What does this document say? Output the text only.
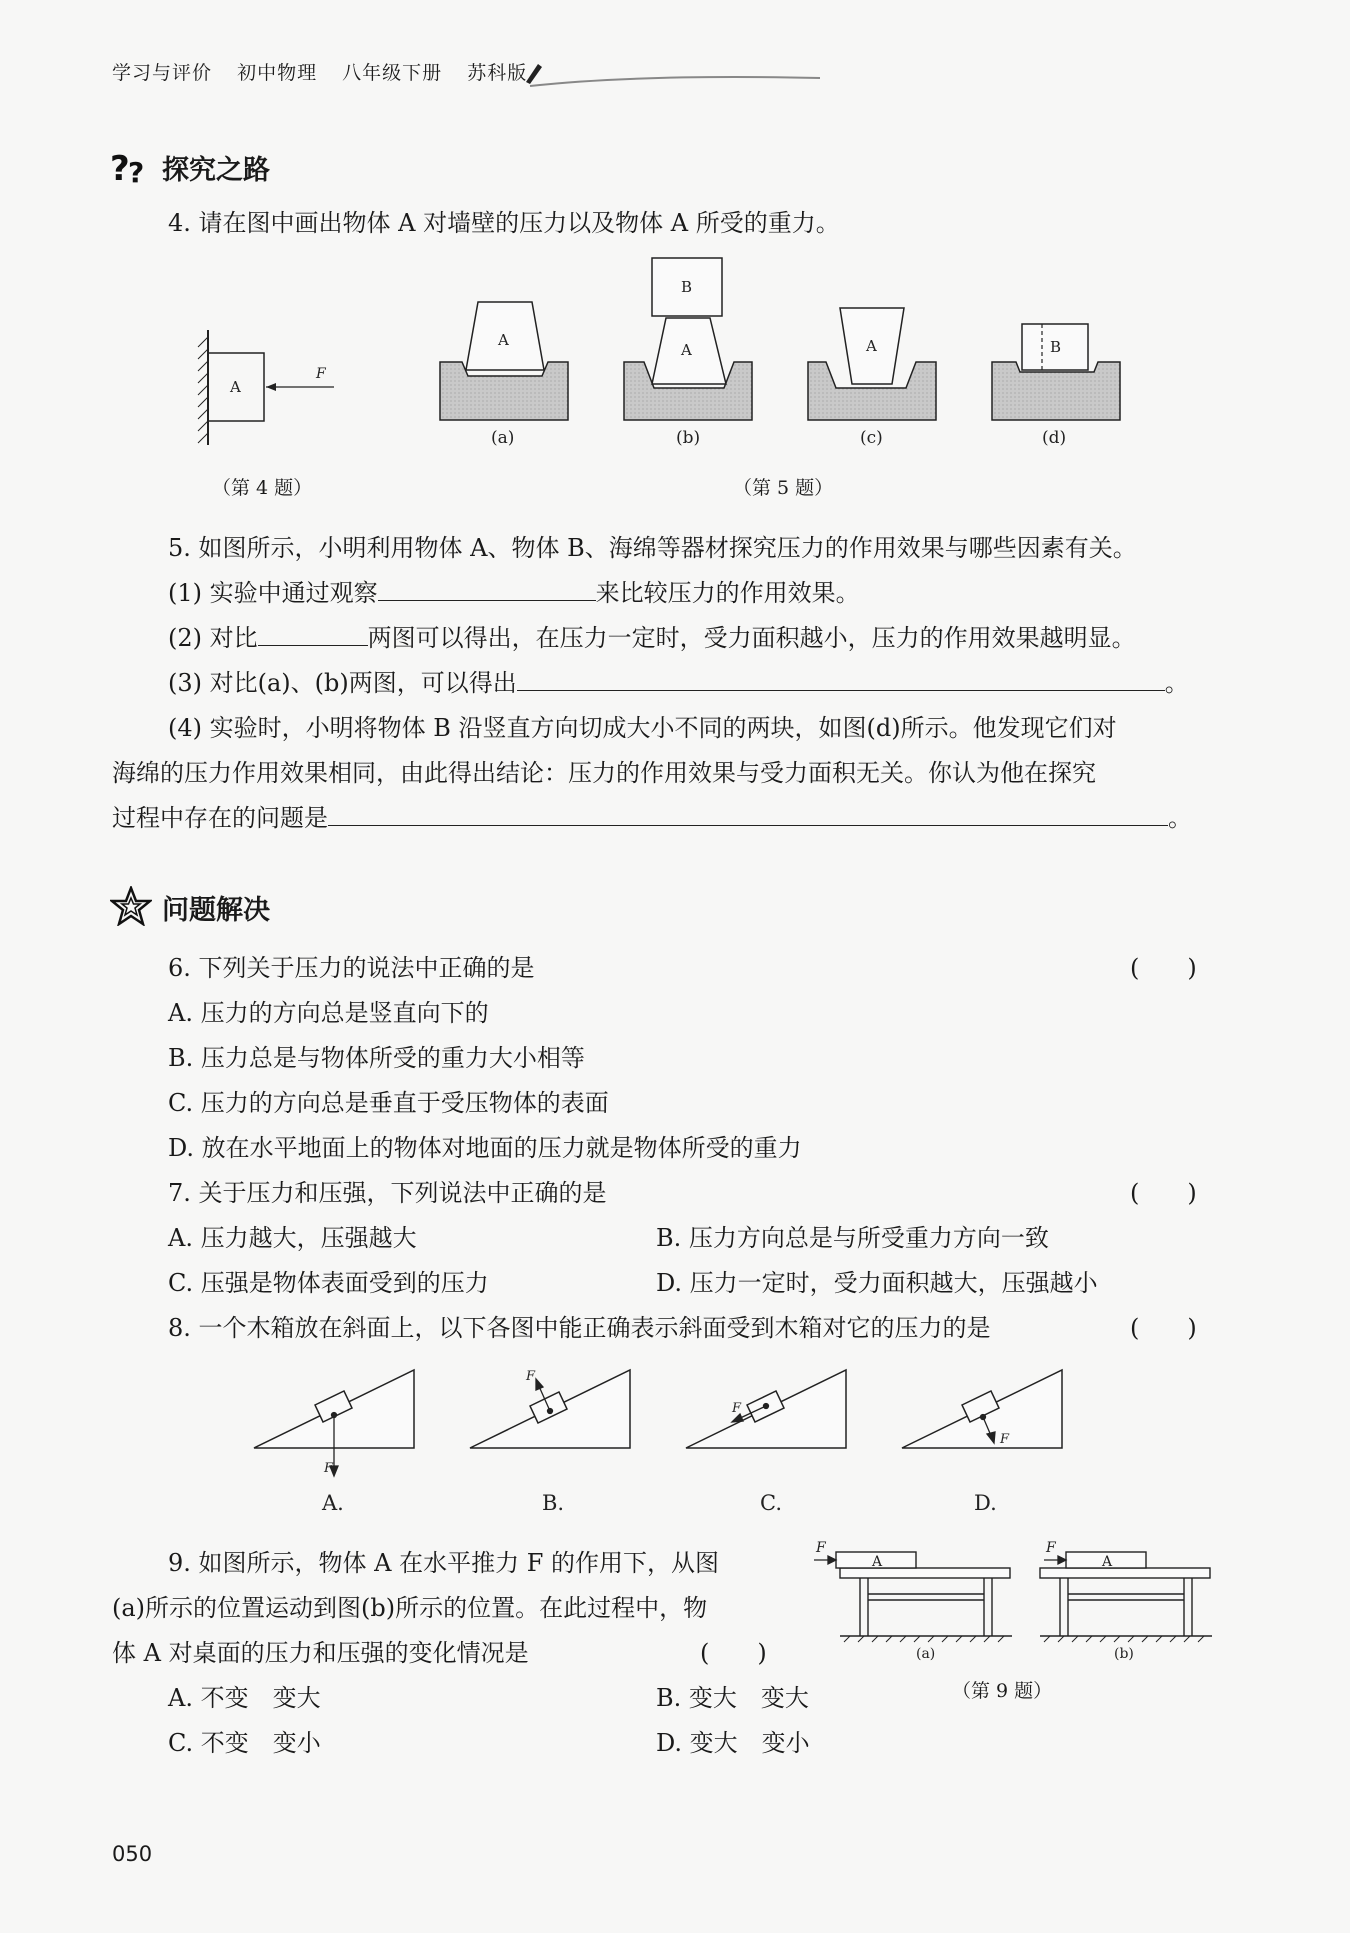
学习与评价 初中物理 八年级下册 苏科版
?
? 探究之路
4. 请在图中画出物体 A 对墙壁的压力以及物体 A 所受的重力。
A
F
（第 4 题）
A
A
B
A	B
(a)	(b)	(c)	(d)
（第 5 题）
5. 如图所示，小明利用物体 A、物体 B、海绵等器材探究压力的作用效果与哪些因素有关。
(1) 实验中通过观察	来比较压力的作用效果。
(2) 对比	两图可以得出，在压力一定时，受力面积越小，压力的作用效果越明显。
(3) 对比(a)、(b)两图，可以得出	。
(4) 实验时，小明将物体 B 沿竖直方向切成大小不同的两块，如图(d)所示。他发现它们对
海绵的压力作用效果相同，由此得出结论：压力的作用效果与受力面积无关。你认为他在探究
过程中存在的问题是	。
问题解决
6. 下列关于压力的说法中正确的是	(　　)
A. 压力的方向总是竖直向下的
B. 压力总是与物体所受的重力大小相等
C. 压力的方向总是垂直于受压物体的表面
D. 放在水平地面上的物体对地面的压力就是物体所受的重力
7. 关于压力和压强，下列说法中正确的是	(　　)
A. 压力越大，压强越大	B. 压力方向总是与所受重力方向一致
C. 压强是物体表面受到的压力	D. 压力一定时，受力面积越大，压强越小
8. 一个木箱放在斜面上，以下各图中能正确表示斜面受到木箱对它的压力的是	(　　)
F
F
F
F
A.	B.	C.	D.
9. 如图所示，物体 A 在水平推力 F 的作用下，从图
(a)所示的位置运动到图(b)所示的位置。在此过程中，物
体 A 对桌面的压力和压强的变化情况是	(　　)
A. 不变　变大	B. 变大　变大
C. 不变　变小	D. 变大　变小
F	F
A	A
(a)	(b)
（第 9 题）
050
